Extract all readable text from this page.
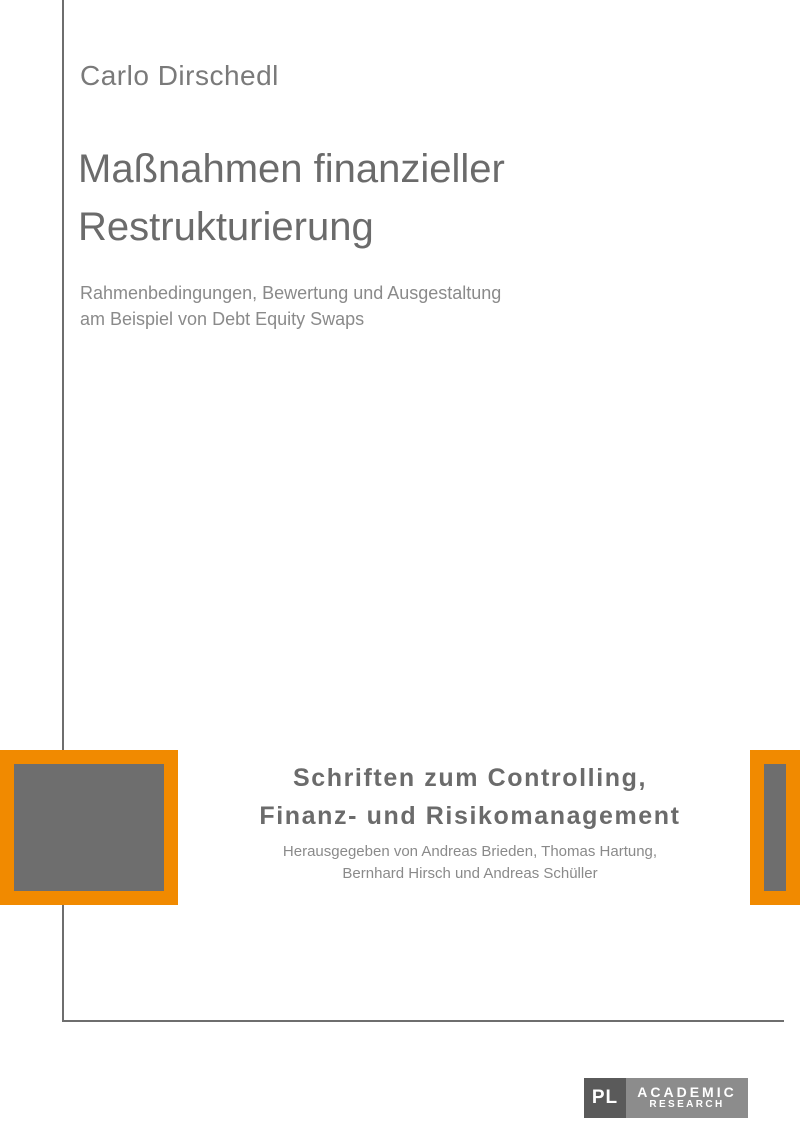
Carlo Dirschedl
Maßnahmen finanzieller
Restrukturierung
Rahmenbedingungen, Bewertung und Ausgestaltung
am Beispiel von Debt Equity Swaps
Schriften zum Controlling,
Finanz- und Risikomanagement
Herausgegeben von Andreas Brieden, Thomas Hartung,
Bernhard Hirsch und Andreas Schüller
PL	ACADEMIC
RESEARCH
